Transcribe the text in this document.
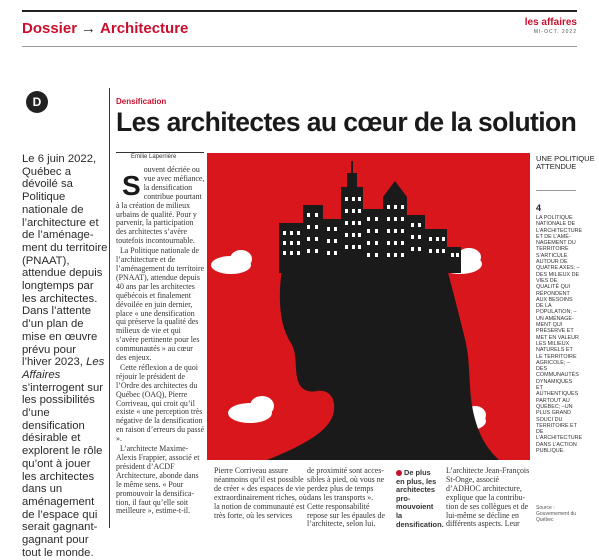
Dossier → Architecture	les affaires
MI-OCT. 2022
D

Le 6 juin 2022, Québec a dévoilé sa Politique nationale de l’architecture et de l’aménagement du territoire (PNAAT), attendue depuis longtemps par les architectes. Dans l’attente d’un plan de mise en œuvre prévu pour l’hiver 2023, Les Affaires s’interrogent sur les possibilités d’une densification désirable et explorent le rôle qu’ont à jouer les architectes dans un aménagement de l’espace qui serait gagnant-gagnant pour tout le monde.

Densification
Les architectes au cœur de la solution
Emilie Laperrière

S
ouvent décriée ou vue avec méfiance, la densification contribue pourtant à la création de milieux urbains de qualité. Pour y parvenir, la participation des architectes s’avère toutefois incontournable.

La Politique nationale de l’architecture et de l’aménagement du territoire (PNAAT), attendue depuis 40 ans par les architectes québécois et finalement dévoilée en juin dernier, place « une densification qui préserve la qualité des milieux de vie et qui s’avère pertinente pour les communautés » au cœur des enjeux.

Cette réflexion a de quoi réjouir le président de l’Ordre des architectes du Québec (OAQ), Pierre Corriveau, qui croit qu’il existe « une perception très négative de la densification en raison d’erreurs du passé ».

L’architecte Maxime-Alexis Frappier, associé et président d’ACDF Architecture, abonde dans le même sens. « Pour promouvoir la densification, il faut qu’elle soit meilleure », estime-t-il.

Pierre Corriveau assure néanmoins qu’il est possible de créer « des espaces de vie extraordinairement riches, où la notion de communauté est très forte, où les services
de proximité sont accessibles à pied, où vous ne perdez plus de temps dans les transports ». Cette responsabilité repose sur les épaules de l’architecte, selon lui.
De plus en plus, les architectes promouvoient la densification.
L’architecte Jean-François St-Onge, associé d’ADHOC architecture, explique que la contribution de ses collègues et de lui-même se décline en différents aspects. Leur
UNE POLITIQUE ATTENDUE
4
LA POLITIQUE NATIONALE DE L’ARCHITECTURE ET DE L’AMÉNAGEMENT DU TERRITOIRE S’ARTICULE AUTOUR DE QUATRE AXES: –DES MILIEUX DE VIES DE QUALITÉ QUI RÉPONDENT AUX BESOINS DE LA POPULATION; –UN AMÉNAGEMENT QUI PRÉSERVE ET MET EN VALEUR LES MILIEUX NATURELS ET LE TERRITOIRE AGRICOLE; –DES COMMUNAUTÉS DYNAMIQUES ET AUTHENTIQUES PARTOUT AU QUÉBEC; –UN PLUS GRAND SOUCI DU TERRITOIRE ET DE L’ARCHITECTURE DANS L’ACTION PUBLIQUE.
Source : Gouvernement du Québec
